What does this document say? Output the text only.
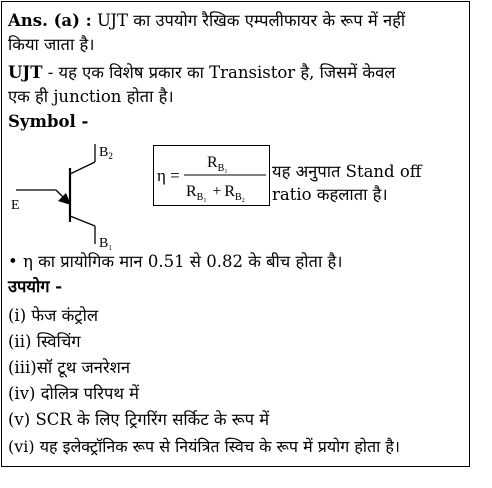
Ans. (a) : UJT का उपयोग रैखिक एम्पलीफायर के रूप में नहीं
किया जाता है।
UJT - यह एक विशेष प्रकार का Transistor है, जिसमें केवल
एक ही junction होता है।
Symbol -
$B_2$
E
$B_1$
η =
$R_B1$
$R_B1+ R_B2$
यह अनुपात Stand off
ratio कहलाता है।
• η का प्रायोगिक मान 0.51 से 0.82 के बीच होता है।
उपयोग -
(i) फेज कंट्रोल
(ii) स्विचिंग
(iii)सॉ टूथ जनरेशन
(iv) दोलित्र परिपथ में
(v) SCR के लिए ट्रिगरिंग सर्किट के रूप में
(vi) यह इलेक्ट्रॉनिक रूप से नियंत्रित स्विच के रूप में प्रयोग होता है।
